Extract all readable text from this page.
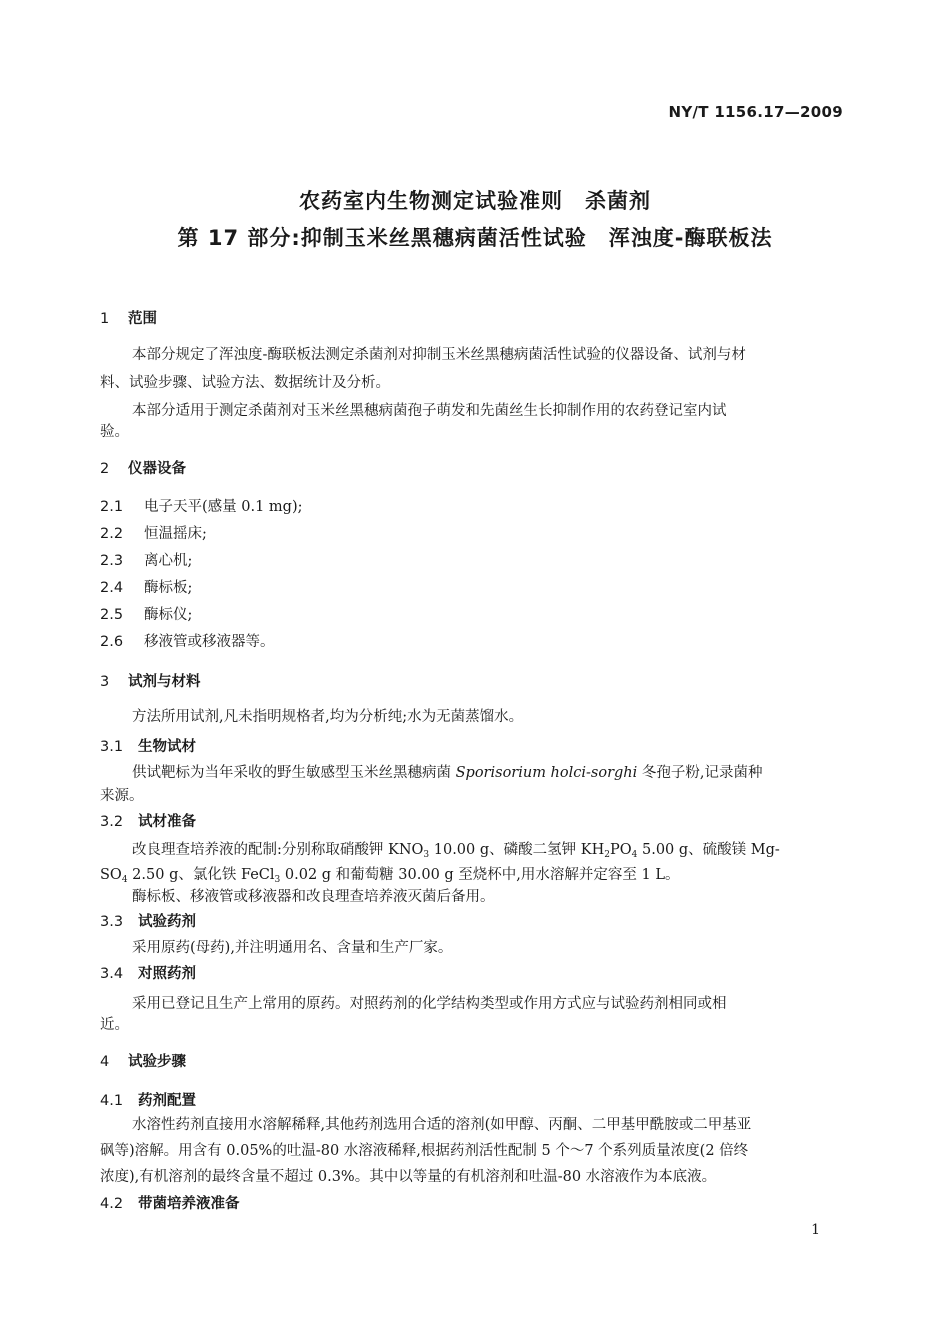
NY/T 1156.17—2009
农药室内生物测定试验准则　杀菌剂
第 17 部分:抑制玉米丝黑穗病菌活性试验　浑浊度-酶联板法
1 范围
本部分规定了浑浊度-酶联板法测定杀菌剂对抑制玉米丝黑穗病菌活性试验的仪器设备、试剂与材
料、试验步骤、试验方法、数据统计及分析。
本部分适用于测定杀菌剂对玉米丝黑穗病菌孢子萌发和先菌丝生长抑制作用的农药登记室内试
验。
2 仪器设备
2.1 电子天平(感量 0.1 mg);
2.2 恒温摇床;
2.3 离心机;
2.4 酶标板;
2.5 酶标仪;
2.6 移液管或移液器等。
3 试剂与材料
方法所用试剂,凡未指明规格者,均为分析纯;水为无菌蒸馏水。
3.1 生物试材
供试靶标为当年采收的野生敏感型玉米丝黑穗病菌 Sporisorium holci-sorghi 冬孢子粉,记录菌种
来源。
3.2 试材准备
改良理查培养液的配制:分别称取硝酸钾 $KNO_3$ 10.00 g、磷酸二氢钾 $KH_2PO_4$ 5.00 g、硫酸镁 Mg-
$SO_4$ 2.50 g、氯化铁 FeCl$_3$ 0.02 g 和葡萄糖 30.00 g 至烧杯中,用水溶解并定容至 1 L。
酶标板、移液管或移液器和改良理查培养液灭菌后备用。
3.3 试验药剂
采用原药(母药),并注明通用名、含量和生产厂家。
3.4 对照药剂
采用已登记且生产上常用的原药。对照药剂的化学结构类型或作用方式应与试验药剂相同或相
近。
4 试验步骤
4.1 药剂配置
水溶性药剂直接用水溶解稀释,其他药剂选用合适的溶剂(如甲醇、丙酮、二甲基甲酰胺或二甲基亚
砜等)溶解。用含有 0.05%的吐温-80 水溶液稀释,根据药剂活性配制 5 个～7 个系列质量浓度(2 倍终
浓度),有机溶剂的最终含量不超过 0.3%。其中以等量的有机溶剂和吐温-80 水溶液作为本底液。
4.2 带菌培养液准备
1
